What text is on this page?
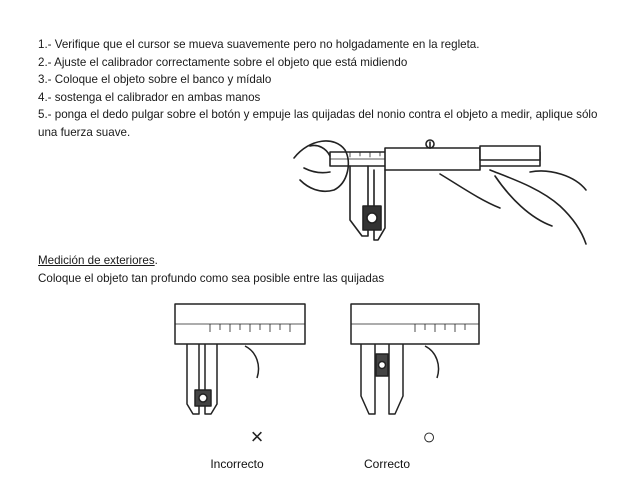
1.- Verifique que el cursor se mueva suavemente pero no holgadamente en la regleta.
2.- Ajuste el calibrador correctamente sobre el objeto que está midiendo
3.- Coloque el objeto sobre el banco y mídalo
4.- sostenga el calibrador en ambas manos
5.- ponga el dedo pulgar sobre el botón y empuje las quijadas del nonio contra el objeto a medir, aplique sólo una fuerza suave.
Medición de exteriores.
Coloque el objeto tan profundo como sea posible entre las quijadas
×
Incorrecto
○
Correcto
